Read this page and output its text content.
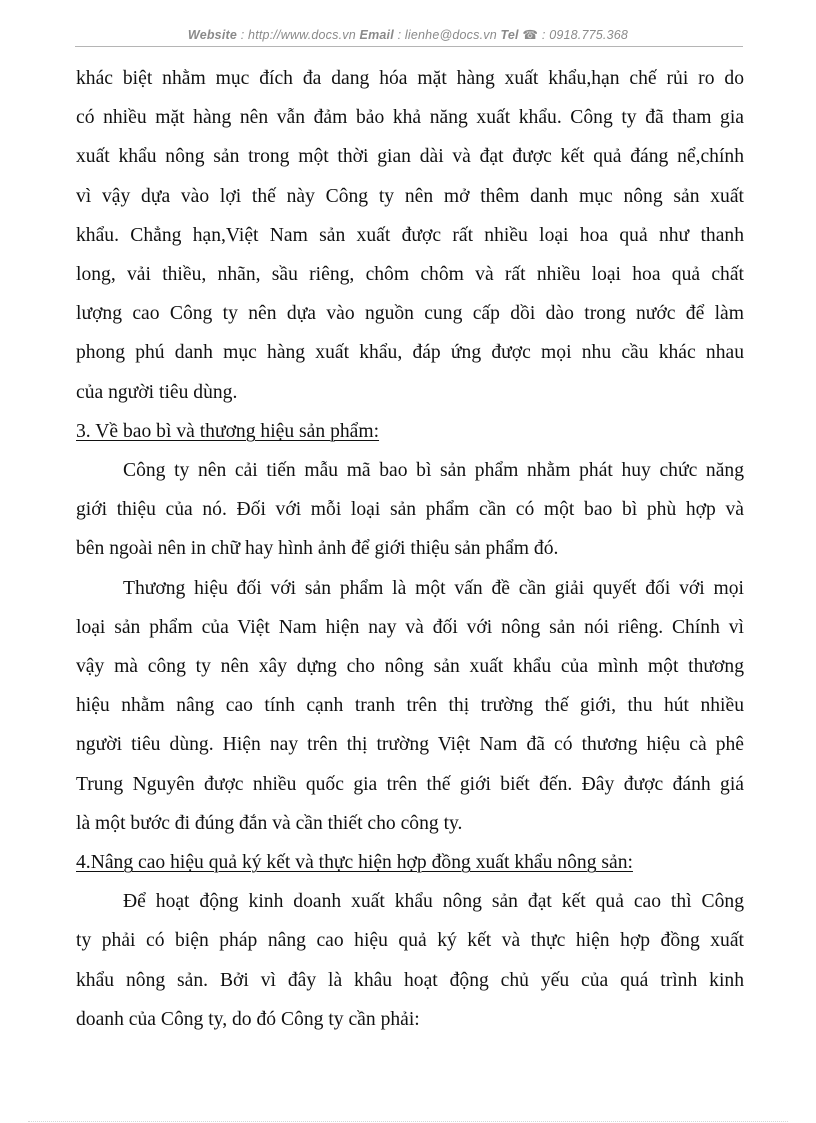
Website : http://www.docs.vn Email : lienhe@docs.vn Tel ☎ : 0918.775.368
khác biệt nhằm mục đích đa dang hóa mặt hàng xuất khẩu,hạn chế rủi ro do
có nhiều mặt hàng nên vẫn đảm bảo khả năng xuất khẩu. Công ty đã tham gia
xuất khẩu nông sản trong một thời gian dài và đạt được kết quả đáng nể,chính
vì vậy dựa vào lợi thế này Công ty nên mở thêm danh mục nông sản xuất
khẩu. Chẳng hạn,Việt Nam sản xuất được rất nhiều loại hoa quả như thanh
long, vải thiều, nhãn, sầu riêng, chôm chôm và rất nhiều loại hoa quả chất
lượng cao Công ty nên dựa vào nguồn cung cấp dồi dào trong nước để làm
phong phú danh mục hàng xuất khẩu, đáp ứng được mọi nhu cầu khác nhau
của người tiêu dùng.
3. Về bao bì và thương hiệu sản phẩm:
Công ty nên cải tiến mẫu mã bao bì sản phẩm nhằm phát huy chức năng
giới thiệu của nó. Đối với mỗi loại sản phẩm cần có một bao bì phù hợp và
bên ngoài nên in chữ hay hình ảnh để giới thiệu sản phẩm đó.
Thương hiệu đối với sản phẩm là một vấn đề cần giải quyết đối với mọi
loại sản phẩm của Việt Nam hiện nay và đối với nông sản nói riêng. Chính vì
vậy mà công ty nên xây dựng cho nông sản xuất khẩu của mình một thương
hiệu nhằm nâng cao tính cạnh tranh trên thị trường thế giới, thu hút nhiều
người tiêu dùng. Hiện nay trên thị trường Việt Nam đã có thương hiệu cà phê
Trung Nguyên được nhiều quốc gia trên thế giới biết đến. Đây được đánh giá
là một bước đi đúng đắn và cần thiết cho công ty.
4.Nâng cao hiệu quả ký kết và thực hiện hợp đồng xuất khẩu nông sản:
Để hoạt động kinh doanh xuất khẩu nông sản đạt kết quả cao thì Công
ty phải có biện pháp nâng cao hiệu quả ký kết và thực hiện hợp đồng xuất
khẩu nông sản. Bởi vì đây là khâu hoạt động chủ yếu của quá trình kinh
doanh của Công ty, do đó Công ty cần phải:
